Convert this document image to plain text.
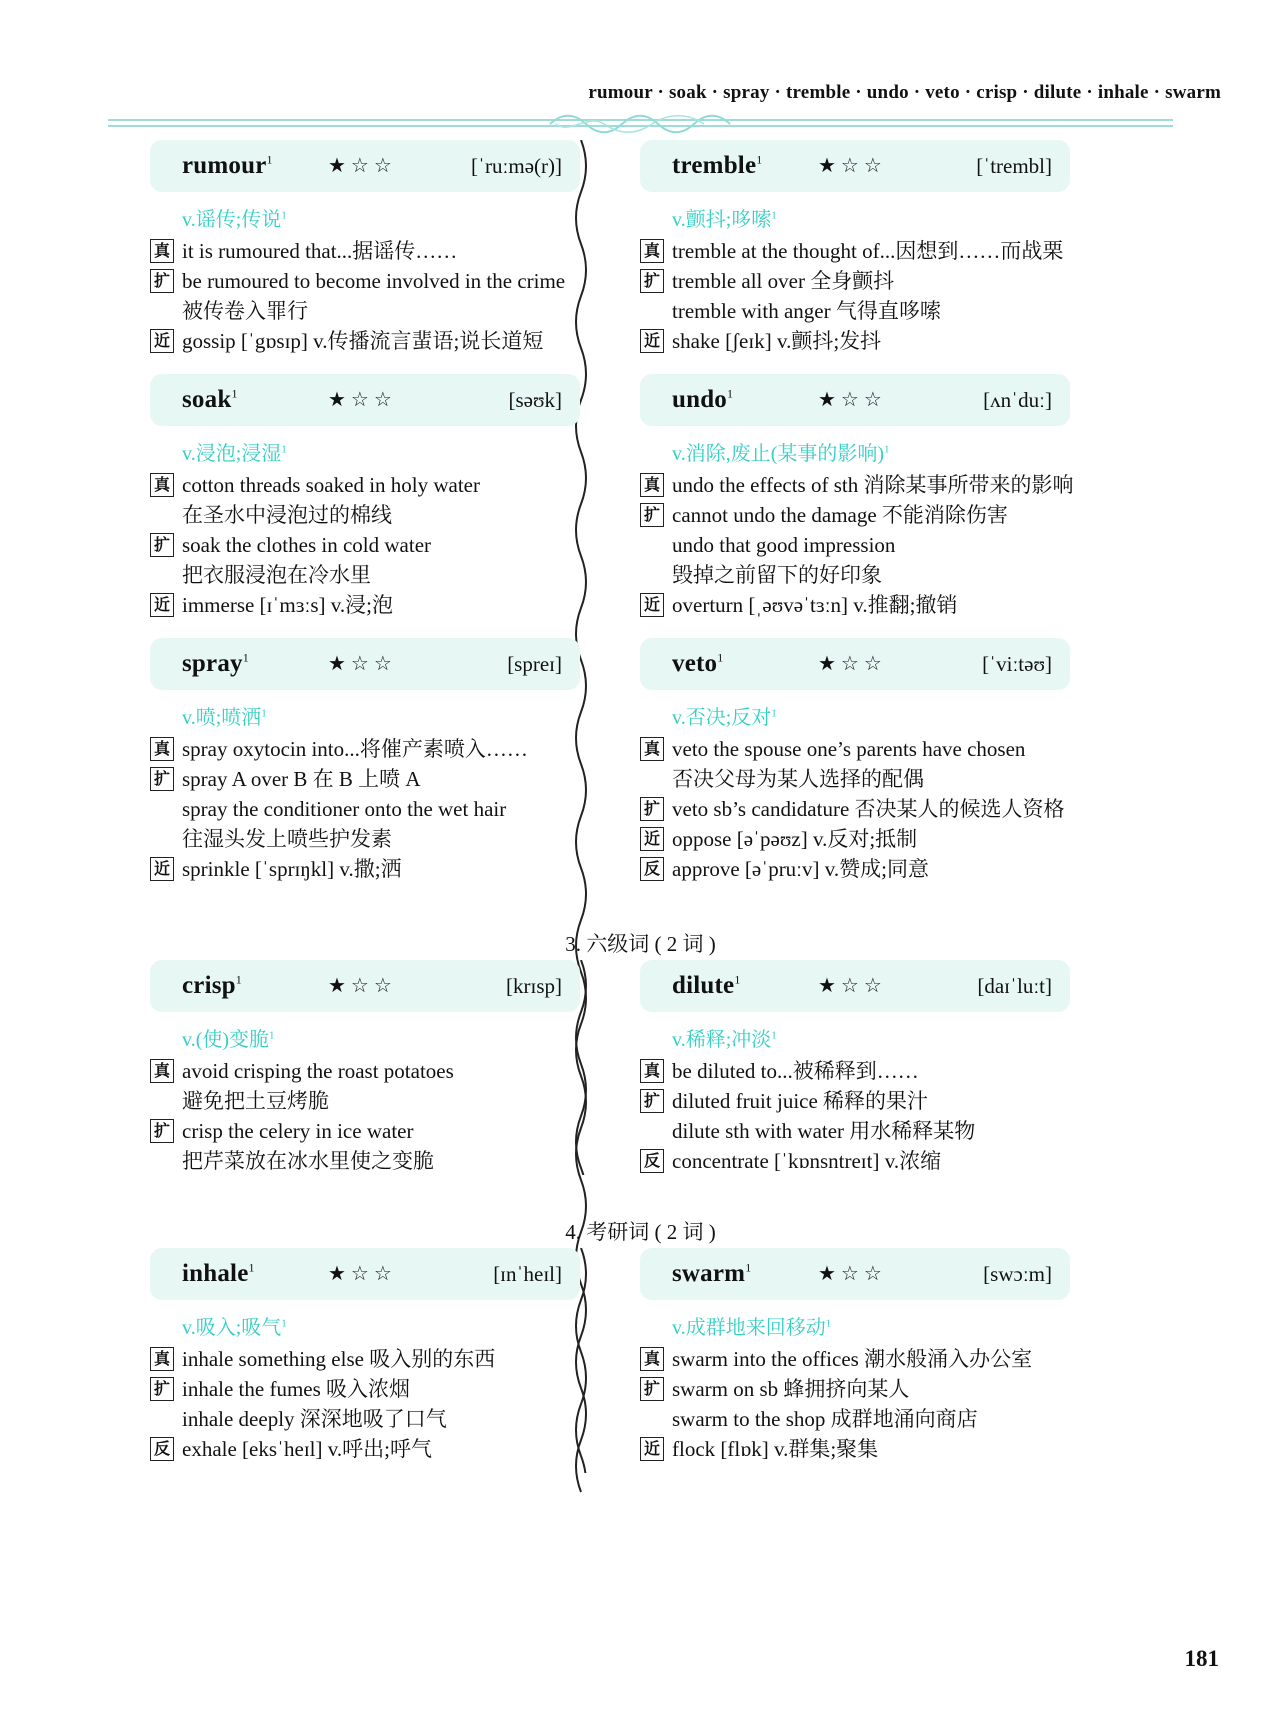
rumour · soak · spray · tremble · undo · veto · crisp · dilute · inhale · swarm
rumour$^1$	★☆☆	[ˈruːmə(r)]
v.谣传;传说$^1$
真 it is rumoured that...据谣传……
扩 be rumoured to become involved in the crime
被传卷入罪行
近 gossip [ˈgɒsɪp] v.传播流言蜚语;说长道短
soak$^1$	★☆☆	[səʊk]
v.浸泡;浸湿$^1$
真 cotton threads soaked in holy water
在圣水中浸泡过的棉线
扩 soak the clothes in cold water
把衣服浸泡在冷水里
近 immerse [ɪˈmɜːs] v.浸;泡
spray$^1$	★☆☆	[spreɪ]
v.喷;喷洒$^1$
真 spray oxytocin into...将催产素喷入……
扩 spray A over B 在 B 上喷 A
spray the conditioner onto the wet hair
往湿头发上喷些护发素
近 sprinkle [ˈsprɪŋkl] v.撒;洒
tremble$^1$	★☆☆	[ˈtrembl]
v.颤抖;哆嗦$^1$
真 tremble at the thought of...因想到……而战栗
扩 tremble all over 全身颤抖
tremble with anger 气得直哆嗦
近 shake [ʃeɪk] v.颤抖;发抖
undo$^1$	★☆☆	[ʌnˈduː]
v.消除,废止(某事的影响)$^1$
真 undo the effects of sth 消除某事所带来的影响
扩 cannot undo the damage 不能消除伤害
undo that good impression
毁掉之前留下的好印象
近 overturn [ˌəʊvəˈtɜːn] v.推翻;撤销
veto$^1$	★☆☆	[ˈviːtəʊ]
v.否决;反对$^1$
真 veto the spouse one’s parents have chosen
否决父母为某人选择的配偶
扩 veto sb’s candidature 否决某人的候选人资格
近 oppose [əˈpəʊz] v.反对;抵制
反 approve [əˈpruːv] v.赞成;同意
3. 六级词 ( 2 词 )
crisp$^1$	★☆☆	[krɪsp]
v.(使)变脆$^1$
真 avoid crisping the roast potatoes
避免把土豆烤脆
扩 crisp the celery in ice water
把芹菜放在冰水里使之变脆
dilute$^1$	★☆☆	[daɪˈluːt]
v.稀释;冲淡$^1$
真 be diluted to...被稀释到……
扩 diluted fruit juice 稀释的果汁
dilute sth with water 用水稀释某物
反 concentrate [ˈkɒnsntreɪt] v.浓缩
4. 考研词 ( 2 词 )
inhale$^1$	★☆☆	[ɪnˈheɪl]
v.吸入;吸气$^1$
真 inhale something else 吸入别的东西
扩 inhale the fumes 吸入浓烟
inhale deeply 深深地吸了口气
反 exhale [eksˈheɪl] v.呼出;呼气
swarm$^1$	★☆☆	[swɔːm]
v.成群地来回移动$^1$
真 swarm into the offices 潮水般涌入办公室
扩 swarm on sb 蜂拥挤向某人
swarm to the shop 成群地涌向商店
近 flock [flɒk] v.群集;聚集
181
